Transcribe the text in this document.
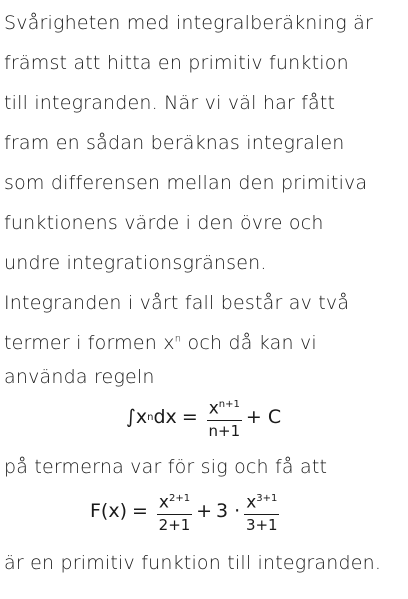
Svårigheten med integralberäkning är
främst att hitta en primitiv funktion
till integranden. När vi väl har fått
fram en sådan beräknas integralen
som differensen mellan den primitiva
funktionens värde i den övre och
undre integrationsgränsen.
Integranden i vårt fall består av två
termer i formen $x^n$ och då kan vi
använda regeln
∫ x n dx = $\frac{x^{n+1}}{n+1} + C$
på termerna var för sig och få att
$F(x) = \frac{x^{2+1}}{2+1} + 3 \cdot \frac{x^{3+1}}{3+1}$
är en primitiv funktion till integranden.
